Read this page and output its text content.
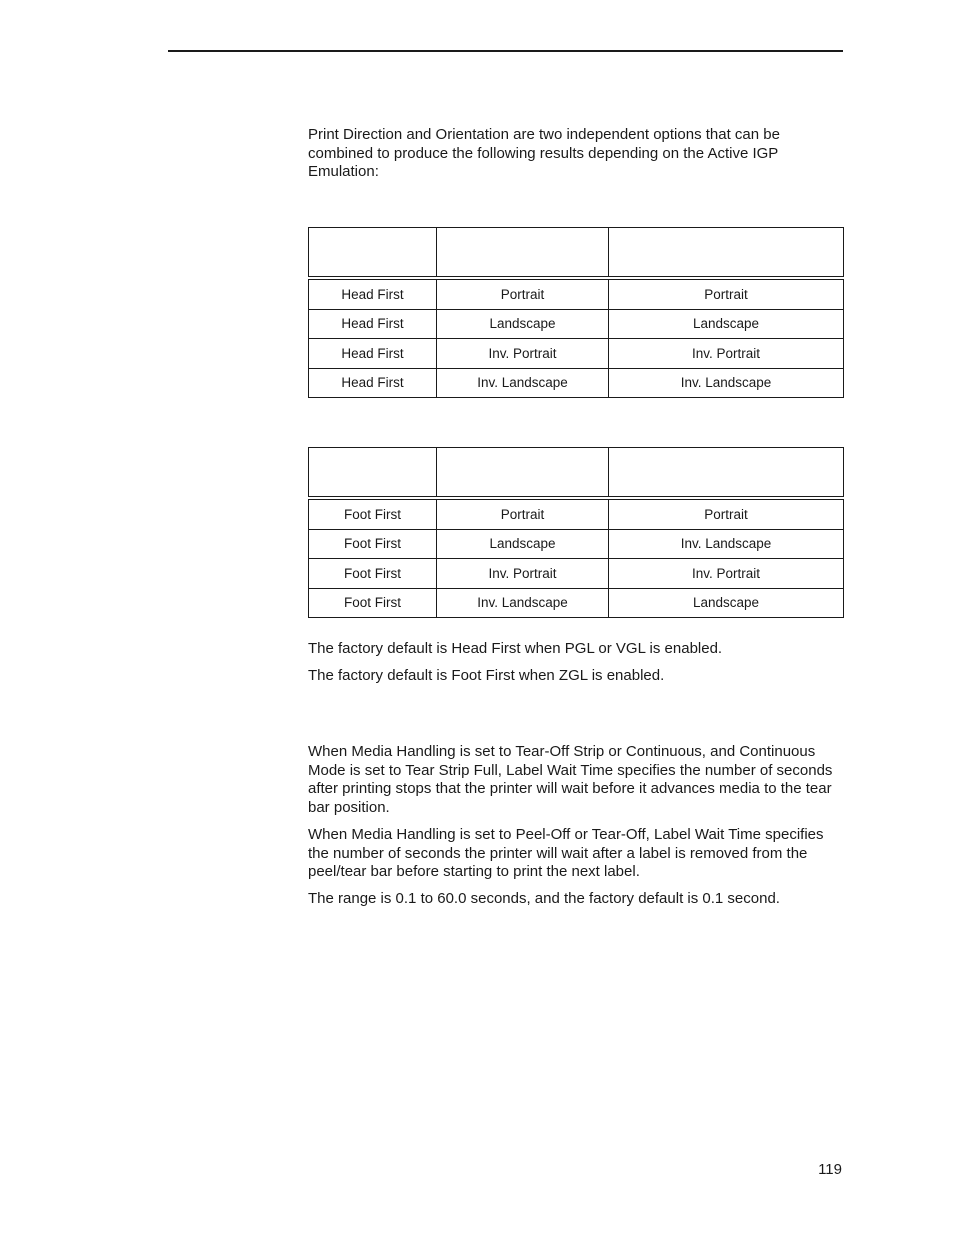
Print Direction and Orientation are two independent options that can be combined to produce the following results depending on the Active IGP Emulation:

Head First	Portrait	Portrait
Head First	Landscape	Landscape
Head First	Inv. Portrait	Inv. Portrait
Head First	Inv. Landscape	Inv. Landscape

Foot First	Portrait	Portrait
Foot First	Landscape	Inv. Landscape
Foot First	Inv. Portrait	Inv. Portrait
Foot First	Inv. Landscape	Landscape

The factory default is Head First when PGL or VGL is enabled.

The factory default is Foot First when ZGL is enabled.

When Media Handling is set to Tear-Off Strip or Continuous, and Continuous Mode is set to Tear Strip Full, Label Wait Time specifies the number of seconds after printing stops that the printer will wait before it advances media to the tear bar position.

When Media Handling is set to Peel-Off or Tear-Off, Label Wait Time specifies the number of seconds the printer will wait after a label is removed from the peel/tear bar before starting to print the next label.

The range is 0.1 to 60.0 seconds, and the factory default is 0.1 second.

119
